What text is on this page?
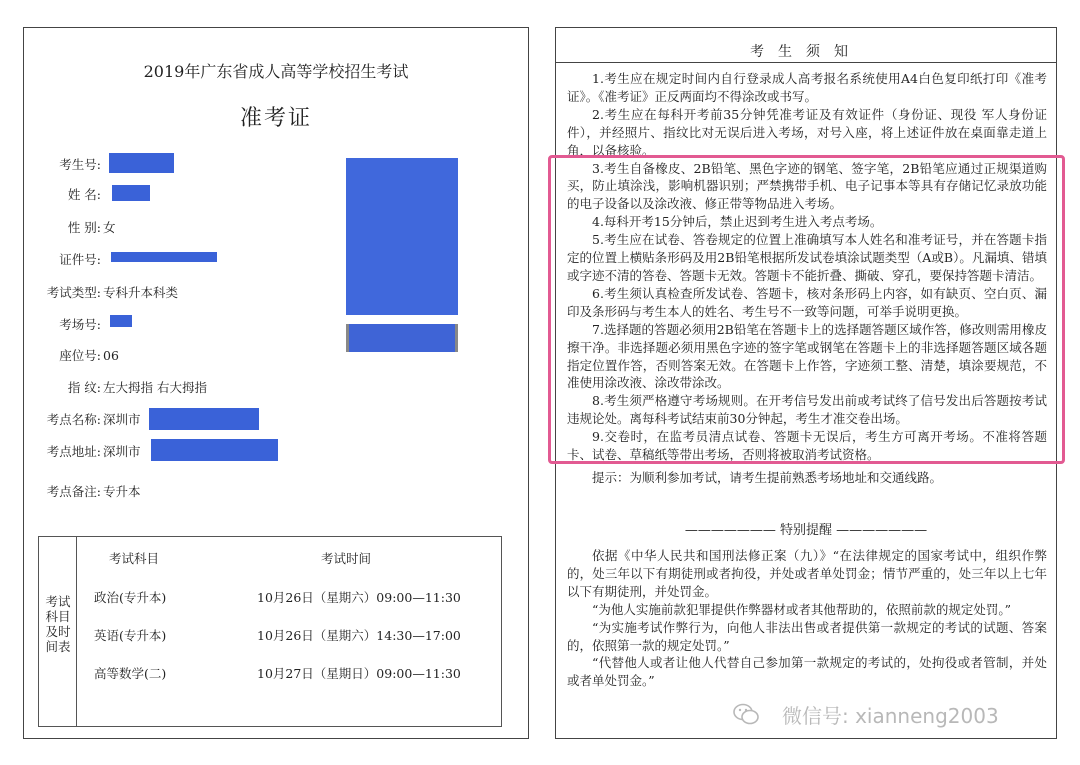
2019年广东省成人高等学校招生考试
准考证
考生号:
姓 名:
性 别: 女
证件号:
考试类型: 专科升本科类
考场号:
座位号: 06
指 纹: 左大拇指 右大拇指
考点名称: 深圳市
考点地址: 深圳市
考点备注: 专升本
考试科目及时间表
考试科目	考试时间
政治(专升本)	10月26日（星期六）09:00—11:30
英语(专升本)	10月26日（星期六）14:30—17:00
高等数学(二)	10月27日（星期日）09:00—11:30
考生须知

1.考生应在规定时间内自行登录成人高考报名系统使用A4白色复印纸打印《准考证》。《准考证》正反两面均不得涂改或书写。

2.考生应在每科开考前35分钟凭准考证及有效证件（身份证、现役 军人身份证件），并经照片、指纹比对无误后进入考场，对号入座，将上述证件放在桌面靠走道上角，以备核验。

3.考生自备橡皮、2B铅笔、黑色字迹的钢笔、签字笔，2B铅笔应通过正规渠道购买，防止填涂浅，影响机器识别；严禁携带手机、电子记事本等具有存储记忆录放功能的电子设备以及涂改液、修正带等物品进入考场。

4.每科开考15分钟后，禁止迟到考生进入考点考场。

5.考生应在试卷、答卷规定的位置上准确填写本人姓名和准考证号，并在答题卡指定的位置上横贴条形码及用2B铅笔根据所发试卷填涂试题类型（A或B）。凡漏填、错填或字迹不清的答卷、答题卡无效。答题卡不能折叠、撕破、穿孔，要保持答题卡清洁。

6.考生须认真检查所发试卷、答题卡，核对条形码上内容，如有缺页、空白页、漏印及条形码与考生本人的姓名、考生号不一致等问题，可举手说明更换。

7.选择题的答题必须用2B铅笔在答题卡上的选择题答题区域作答，修改则需用橡皮擦干净。非选择题必须用黑色字迹的签字笔或钢笔在答题卡上的非选择题答题区域各题指定位置作答，否则答案无效。在答题卡上作答，字迹须工整、清楚，填涂要规范，不准使用涂改液、涂改带涂改。

8.考生须严格遵守考场规则。在开考信号发出前或考试终了信号发出后答题按考试违规论处。离每科考试结束前30分钟起，考生才准交卷出场。

9.交卷时，在监考员清点试卷、答题卡无误后，考生方可离开考场。不准将答题卡、试卷、草稿纸等带出考场，否则将被取消考试资格。

提示：为顺利参加考试，请考生提前熟悉考场地址和交通线路。
——————— 特别提醒 ———————

依据《中华人民共和国刑法修正案（九）》“在法律规定的国家考试中，组织作弊的，处三年以下有期徒刑或者拘役，并处或者单处罚金；情节严重的，处三年以上七年以下有期徒刑，并处罚金。

“为他人实施前款犯罪提供作弊器材或者其他帮助的，依照前款的规定处罚。”

“为实施考试作弊行为，向他人非法出售或者提供第一款规定的考试的试题、答案的，依照第一款的规定处罚。”

“代替他人或者让他人代替自己参加第一款规定的考试的，处拘役或者管制，并处或者单处罚金。”

微信号: xianneng2003
